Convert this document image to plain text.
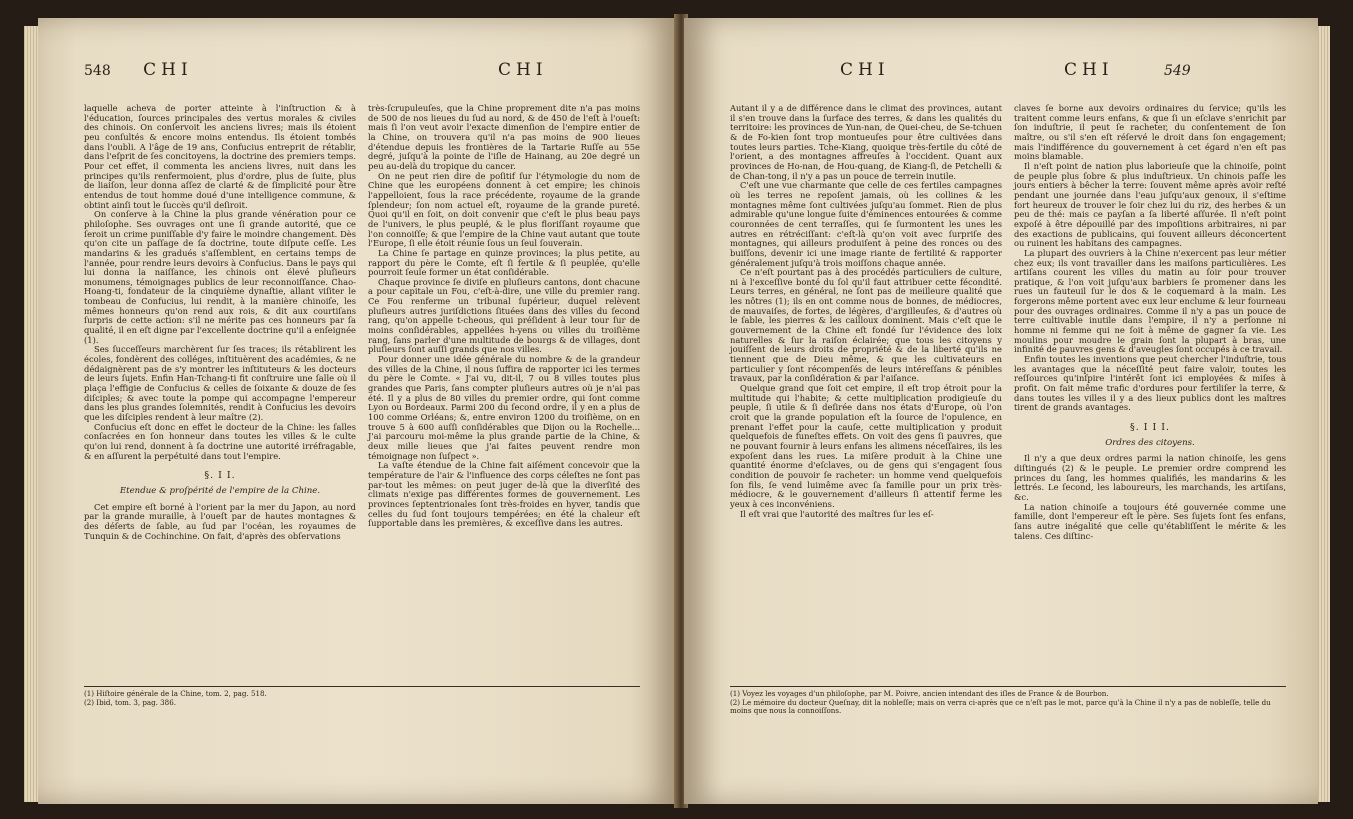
548 CHI	CHI

laquelle acheva de porter atteinte à l'inſtruction & à l'éducation, ſources principales des vertus morales & civiles des chinois. On conſervoit les anciens livres; mais ils étoient peu conſultés & encore moins entendus. Ils étoient tombés dans l'oubli. A l'âge de 19 ans, Confucius entreprit de rétablir, dans l'eſprit de ſes concitoyens, la doctrine des premiers temps. Pour cet effet, il commenta les anciens livres, nuit dans les principes qu'ils renfermoient, plus d'ordre, plus de ſuite, plus de liaiſon, leur donna aſſez de clarté & de ſimplicité pour être entendus de tout homme doué d'une intelligence commune, & obtint ainſi tout le ſuccès qu'il deſiroit.

On conſerve à la Chine la plus grande vénération pour ce philoſophe. Ses ouvrages ont une ſi grande autorité, que ce ſeroit un crime puniſſable d'y faire le moindre changement. Dès qu'on cite un paſſage de ſa doctrine, toute diſpute ceſſe. Les mandarins & les gradués s'aſſemblent, en certains temps de l'année, pour rendre leurs devoirs à Confucius. Dans le pays qui lui donna la naiſſance, les chinois ont élevé pluſieurs monumens, témoignages publics de leur reconnoiſſance. Chao-Hoang-ti, fondateur de la cinquième dynaſtie, allant viſiter le tombeau de Confucius, lui rendit, à la manière chinoiſe, les mêmes honneurs qu'on rend aux rois, & dit aux courtiſans ſurpris de cette action: s'il ne mérite pas ces honneurs par ſa qualité, il en eſt digne par l'excellente doctrine qu'il a enſeignée (1).

Ses ſucceſſeurs marchèrent ſur ſes traces; ils rétablirent les écoles, fondèrent des colléges, inſtituèrent des académies, & ne dédaignèrent pas de s'y montrer les inſtituteurs & les docteurs de leurs ſujets. Enfin Han-Tchang-ti fit conſtruire une ſalle où il plaça l'effigie de Confucius & celles de ſoixante & douze de ſes diſciples; & avec toute la pompe qui accompagne l'empereur dans les plus grandes ſolemnités, rendit à Confucius les devoirs que les diſciples rendent à leur maître (2).

Confucius eſt donc en effet le docteur de la Chine: les ſalles conſacrées en ſon honneur dans toutes les villes & le culte qu'on lui rend, donnent à ſa doctrine une autorité irréfragable, & en aſſurent la perpétuité dans tout l'empire.

§. I I.
Etendue & proſpérité de l'empire de la Chine.

Cet empire eſt borné à l'orient par la mer du Japon, au nord par la grande muraille, à l'oueſt par de hautes montagnes & des déſerts de ſable, au ſud par l'océan, les royaumes de Tunquin & de Cochinchine. On fait, d'après des obſervations

très-ſcrupuleuſes, que la Chine proprement dite n'a pas moins de 500 de nos lieues du ſud au nord, & de 450 de l'eſt à l'oueſt: mais ſi l'on veut avoir l'exacte dimenſion de l'empire entier de la Chine, on trouvera qu'il n'a pas moins de 900 lieues d'étendue depuis les frontières de la Tartarie Ruſſe au 55e degré, juſqu'à la pointe de l'iſle de Hainang, au 20e degré un peu au-delà du tropique du cancer.

On ne peut rien dire de poſitif ſur l'étymologie du nom de Chine que les européens donnent à cet empire; les chinois l'appelloient, ſous la race précédente, royaume de la grande ſplendeur; ſon nom actuel eſt, royaume de la grande pureté. Quoi qu'il en ſoit, on doit convenir que c'eſt le plus beau pays de l'univers, le plus peuplé, & le plus floriſſant royaume que l'on connoiſſe; & que l'empire de la Chine vaut autant que toute l'Europe, ſi elle étoit réunie ſous un ſeul ſouverain.

La Chine ſe partage en quinze provinces; la plus petite, au rapport du père le Comte, eſt ſi fertile & ſi peuplée, qu'elle pourroit ſeule former un état conſidérable.

Chaque province ſe diviſe en pluſieurs cantons, dont chacune a pour capitale un Fou, c'eſt-à-dire, une ville du premier rang. Ce Fou renferme un tribunal ſupérieur, duquel relèvent pluſieurs autres juriſdictions ſituées dans des villes du ſecond rang, qu'on appelle t-cheous, qui préſident à leur tour ſur de moins conſidérables, appellées h-yens ou villes du troiſième rang, ſans parler d'une multitude de bourgs & de villages, dont pluſieurs ſont auſſi grands que nos villes.

Pour donner une idée générale du nombre & de la grandeur des villes de la Chine, il nous ſuffira de rapporter ici les termes du père le Comte. « J'ai vu, dit-il, 7 ou 8 villes toutes plus grandes que Paris, ſans compter pluſieurs autres où je n'ai pas été. Il y a plus de 80 villes du premier ordre, qui ſont comme Lyon ou Bordeaux. Parmi 200 du ſecond ordre, il y en a plus de 100 comme Orléans; &, entre environ 1200 du troiſième, on en trouve 5 à 600 auſſi conſidérables que Dijon ou la Rochelle... J'ai parcouru moi-même la plus grande partie de la Chine, & deux mille lieues que j'ai faites peuvent rendre mon témoignage non ſuſpect ».

La vaſte étendue de la Chine fait aiſément concevoir que la température de l'air & l'influence des corps céleſtes ne ſont pas par-tout les mêmes: on peut juger de-là que la diverſité des climats n'exige pas différentes formes de gouvernement. Les provinces ſeptentrionales ſont très-froides en hyver, tandis que celles du ſud ſont toujours tempérées; en été la chaleur eſt ſupportable dans les premières, & exceſſive dans les autres.

(1) Hiſtoire générale de la Chine, tom. 2, pag. 518.
(2) Ibid, tom. 3, pag. 386.
CHI	CHI	549

Autant il y a de différence dans le climat des provinces, autant il s'en trouve dans la ſurface des terres, & dans les qualités du territoire: les provinces de Yun-nan, de Quei-cheu, de Se-tchuen & de Fo-kien ſont trop montueuſes pour être cultivées dans toutes leurs parties. Tche-Kiang, quoique très-fertile du côté de l'orient, a des montagnes affreuſes à l'occident. Quant aux provinces de Ho-nan, de Hou-quang, de Kiang-ſi, de Petchelli & de Chan-tong, il n'y a pas un pouce de terrein inutile.

C'eſt une vue charmante que celle de ces fertiles campagnes où les terres ne repoſent jamais, où les collines & les montagnes même ſont cultivées juſqu'au ſommet. Rien de plus admirable qu'une longue ſuite d'éminences entourées & comme couronnées de cent terraſſes, qui ſe ſurmontent les unes les autres en rétréciſſant: c'eſt-là qu'on voit avec ſurpriſe des montagnes, qui ailleurs produiſent à peine des ronces ou des buiſſons, devenir ici une image riante de fertilité & rapporter généralement juſqu'à trois moiſſons chaque année.

Ce n'eſt pourtant pas à des procédés particuliers de culture, ni à l'exceſſive bonté du ſol qu'il faut attribuer cette fécondité. Leurs terres, en général, ne ſont pas de meilleure qualité que les nôtres (1); ils en ont comme nous de bonnes, de médiocres, de mauvaiſes, de fortes, de légères, d'argilleuſes, & d'autres où le ſable, les pierres & les cailloux dominent. Mais c'eſt que le gouvernement de la Chine eſt fondé ſur l'évidence des loix naturelles & ſur la raiſon éclairée; que tous les citoyens y jouiſſent de leurs droits de propriété & de la liberté qu'ils ne tiennent que de Dieu même, & que les cultivateurs en particulier y ſont récompenſés de leurs intéreſſans & pénibles travaux, par la conſidération & par l'aiſance.

Quelque grand que ſoit cet empire, il eſt trop étroit pour la multitude qui l'habite; & cette multiplication prodigieuſe du peuple, ſi utile & ſi deſirée dans nos états d'Europe, où l'on croit que la grande population eſt la ſource de l'opulence, en prenant l'effet pour la cauſe, cette multiplication y produit quelquefois de funeſtes effets. On voit des gens ſi pauvres, que ne pouvant fournir à leurs enfans les alimens néceſſaires, ils les expoſent dans les rues. La miſère produit à la Chine une quantité énorme d'eſclaves, ou de gens qui s'engagent ſous condition de pouvoir ſe racheter: un homme vend quelquefois ſon fils, ſe vend luimême avec ſa famille pour un prix très-médiocre, & le gouvernement d'ailleurs ſi attentif ferme les yeux à ces inconvéniens.

Il eſt vrai que l'autorité des maîtres ſur les eſ-

claves ſe borne aux devoirs ordinaires du ſervice; qu'ils les traitent comme leurs enfans, & que ſi un eſclave s'enrichit par ſon induſtrie, il peut ſe racheter, du conſentement de ſon maître, ou s'il s'en eſt réſervé le droit dans ſon engagement; mais l'indifférence du gouvernement à cet égard n'en eſt pas moins blamable.

Il n'eſt point de nation plus laborieuſe que la chinoiſe, point de peuple plus ſobre & plus induſtrieux. Un chinois paſſe les jours entiers à bêcher la terre: ſouvent même après avoir reſté pendant une journée dans l'eau juſqu'aux genoux, il s'eſtime fort heureux de trouver le ſoir chez lui du riz, des herbes & un peu de thé: mais ce payſan a ſa liberté aſſurée. Il n'eſt point expoſé à être dépouillé par des impoſitions arbitraires, ni par des exactions de publicains, qui ſouvent ailleurs déconcertent ou ruinent les habitans des campagnes.

La plupart des ouvriers à la Chine n'exercent pas leur métier chez eux; ils vont travailler dans les maiſons particulières. Les artiſans courent les villes du matin au ſoir pour trouver pratique, & l'on voit juſqu'aux barbiers ſe promener dans les rues un fauteuil ſur le dos & le coquemard à la main. Les forgerons même portent avec eux leur enclume & leur fourneau pour des ouvrages ordinaires. Comme il n'y a pas un pouce de terre cultivable inutile dans l'empire, il n'y a perſonne ni homme ni femme qui ne ſoit à même de gagner ſa vie. Les moulins pour moudre le grain ſont la plupart à bras, une infinité de pauvres gens & d'aveugles ſont occupés à ce travail.

Enfin toutes les inventions que peut chercher l'induſtrie, tous les avantages que la néceſſité peut faire valoir, toutes les reſſources qu'inſpire l'intérêt ſont ici employées & miſes à profit. On fait même trafic d'ordures pour fertiliſer la terre, & dans toutes les villes il y a des lieux publics dont les maîtres tirent de grands avantages.

§. I I I.
Ordres des citoyens.

Il n'y a que deux ordres parmi la nation chinoiſe, les gens diſtingués (2) & le peuple. Le premier ordre comprend les princes du ſang, les hommes qualifiés, les mandarins & les lettrés. Le ſecond, les laboureurs, les marchands, les artiſans, &c.

La nation chinoiſe a toujours été gouvernée comme une famille, dont l'empereur eſt le père. Ses ſujets ſont ſes enfans, ſans autre inégalité que celle qu'établiſſent le mérite & les talens. Ces diſtinc-

(1) Voyez les voyages d'un philoſophe, par M. Poivre, ancien intendant des iſles de France & de Bourbon.
(2) Le mémoire du docteur Queſnay, dit la nobleſſe; mais on verra ci-après que ce n'eſt pas le mot, parce qu'à la Chine il n'y a pas de nobleſſe, telle du moins que nous la connoiſſons.
